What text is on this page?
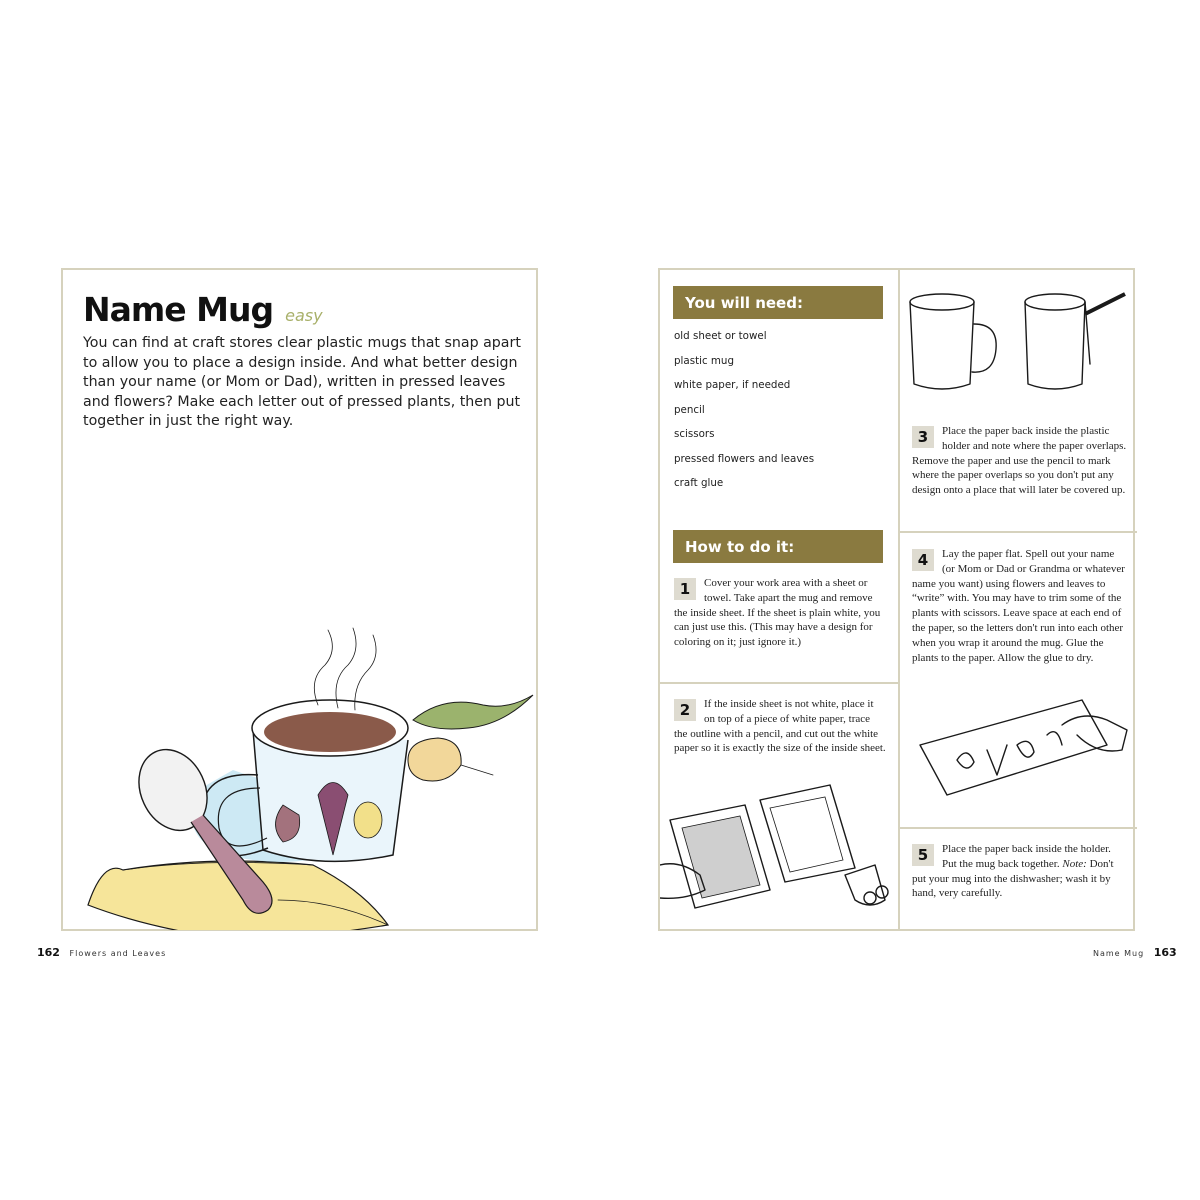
Name Mug easy

You can find at craft stores clear plastic mugs that snap apart to allow you to place a design inside. And what better design than your name (or Mom or Dad), written in pressed leaves and flowers? Make each letter out of pressed plants, then put together in just the right way.

162 Flowers and Leaves
You will need:
old sheet or towel
plastic mug
white paper, if needed
pencil
scissors
pressed flowers and leaves
craft glue
How to do it:
1	Cover your work area with a sheet or towel. Take apart the mug and remove the inside sheet. If the sheet is plain white, you can just use this. (This may have a design for coloring on it; just ignore it.)
2	If the inside sheet is not white, place it on top of a piece of white paper, trace the outline with a pencil, and cut out the white paper so it is exactly the size of the inside sheet.
3	Place the paper back inside the plastic holder and note where the paper overlaps. Remove the paper and use the pencil to mark where the paper overlaps so you don't put any design onto a place that will later be covered up.
4	Lay the paper flat. Spell out your name (or Mom or Dad or Grandma or whatever name you want) using flowers and leaves to “write” with. You may have to trim some of the plants with scissors. Leave space at each end of the paper, so the letters don't run into each other when you wrap it around the mug. Glue the plants to the paper. Allow the glue to dry.
5	Place the paper back inside the holder. Put the mug back together. Note: Don't put your mug into the dishwasher; wash it by hand, very carefully.
Name Mug 163
